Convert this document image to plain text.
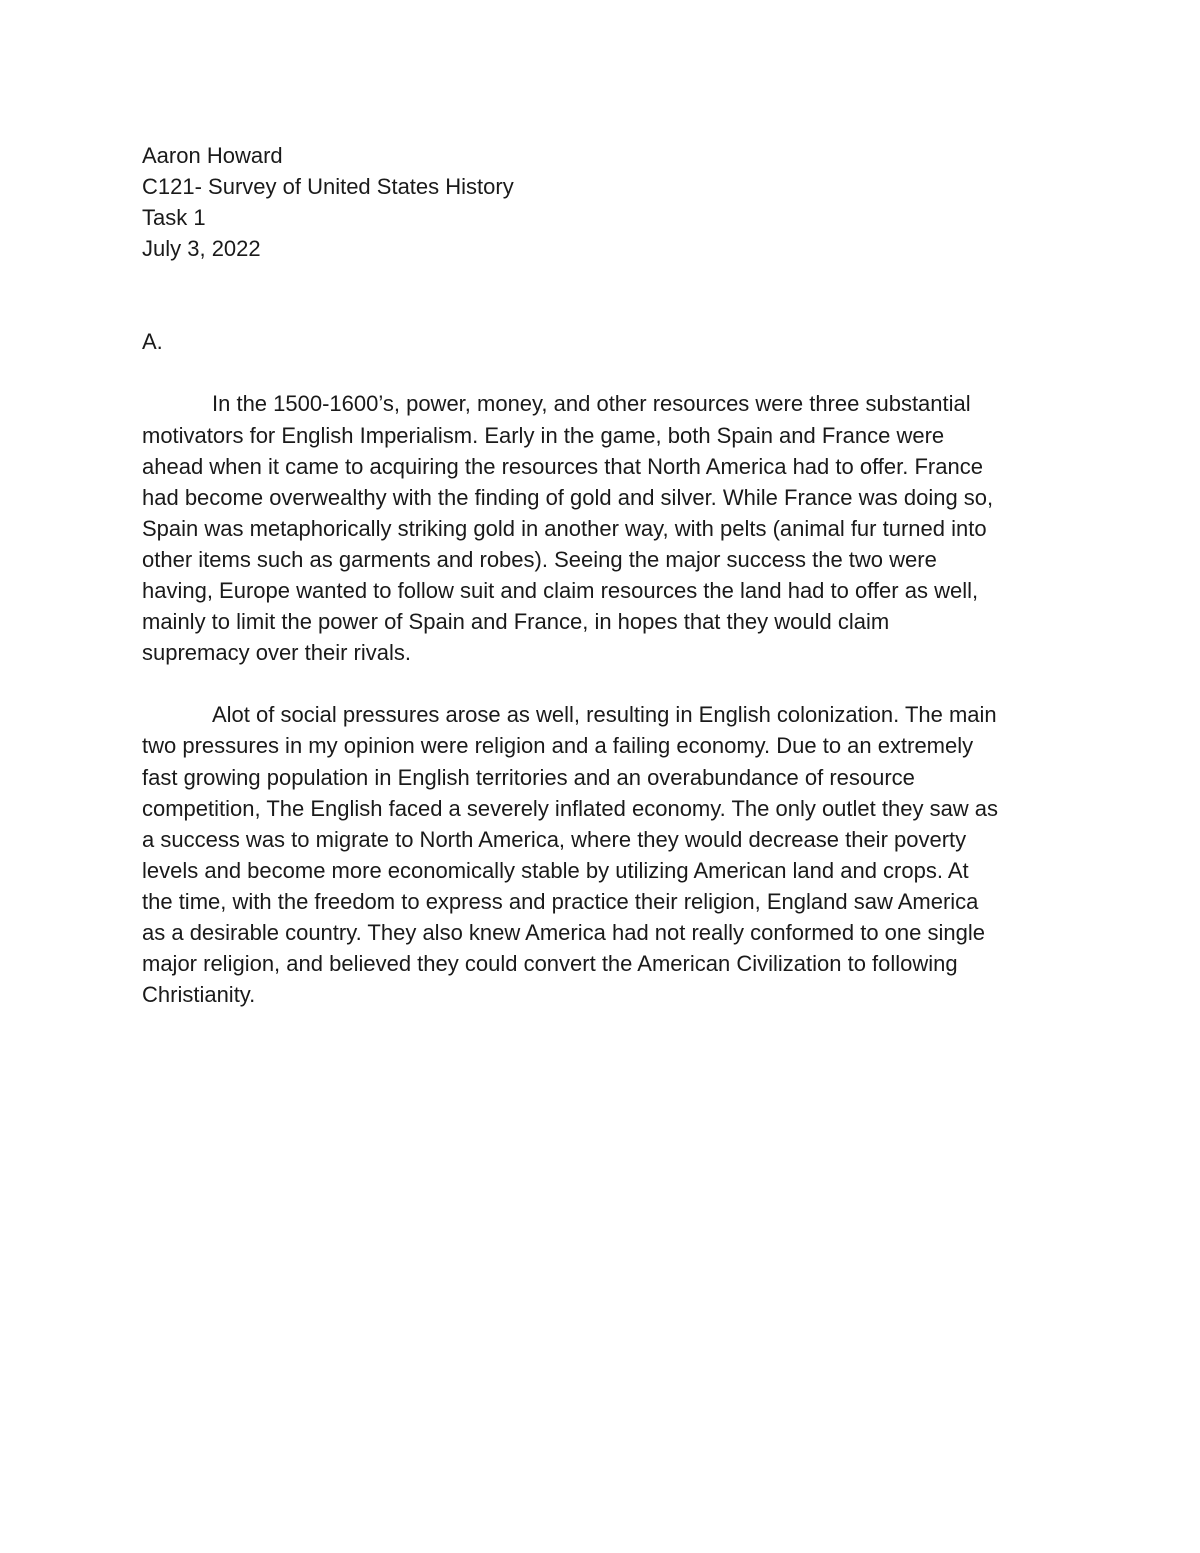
Aaron Howard

C121- Survey of United States History

Task 1

July 3, 2022

A.

In the 1500-1600’s, power, money, and other resources were three substantial
motivators for English Imperialism. Early in the game, both Spain and France were
ahead when it came to acquiring the resources that North America had to offer. France
had become overwealthy with the finding of gold and silver. While France was doing so,
Spain was metaphorically striking gold in another way, with pelts (animal fur turned into
other items such as garments and robes). Seeing the major success the two were
having, Europe wanted to follow suit and claim resources the land had to offer as well,
mainly to limit the power of Spain and France, in hopes that they would claim
supremacy over their rivals.

Alot of social pressures arose as well, resulting in English colonization. The main
two pressures in my opinion were religion and a failing economy. Due to an extremely
fast growing population in English territories and an overabundance of resource
competition, The English faced a severely inflated economy. The only outlet they saw as
a success was to migrate to North America, where they would decrease their poverty
levels and become more economically stable by utilizing American land and crops. At
the time, with the freedom to express and practice their religion, England saw America
as a desirable country. They also knew America had not really conformed to one single
major religion, and believed they could convert the American Civilization to following
Christianity.
